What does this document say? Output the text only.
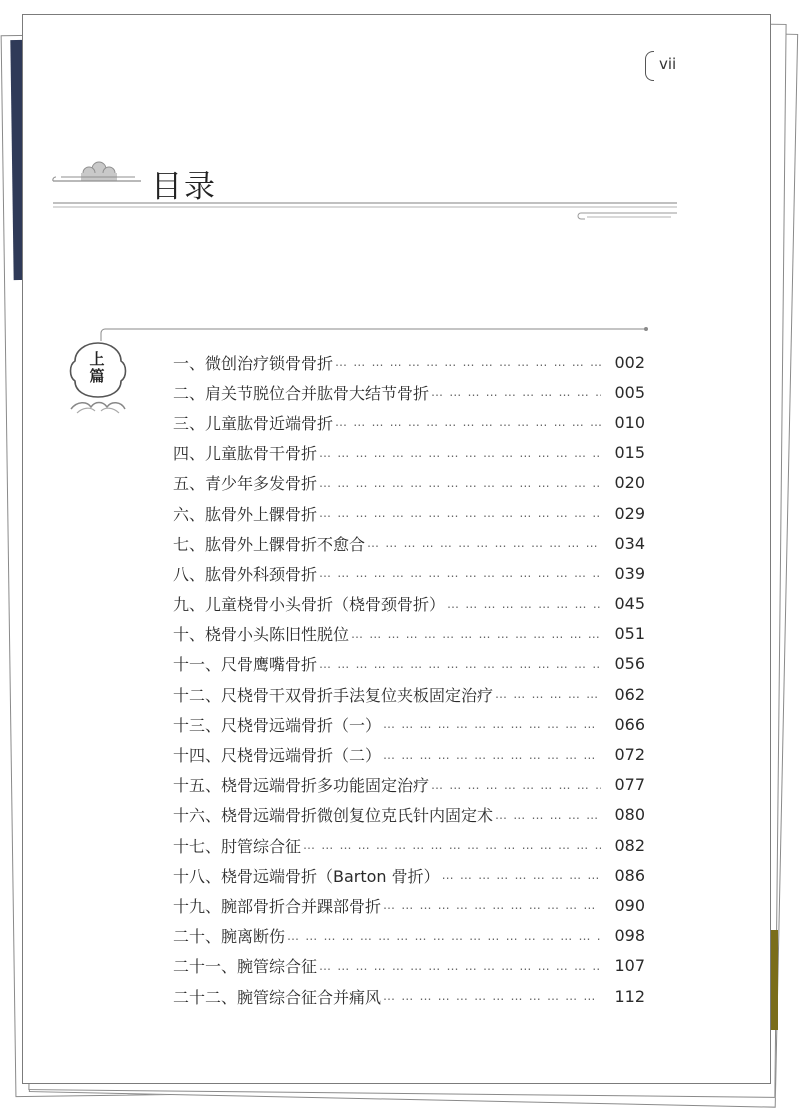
vii
目录
上
篇
一、微创治疗锁骨骨折 … … … … … … … … … … … … … … … … … … … … … … … … … … … … … … … … …	002
二、肩关节脱位合并肱骨大结节骨折 … … … … … … … … … … … … … … … … … … … … … … … … … … … … … … … … …	005
三、儿童肱骨近端骨折 … … … … … … … … … … … … … … … … … … … … … … … … … … … … … … … … …	010
四、儿童肱骨干骨折 … … … … … … … … … … … … … … … … … … … … … … … … … … … … … … … … …	015
五、青少年多发骨折 … … … … … … … … … … … … … … … … … … … … … … … … … … … … … … … … …	020
六、肱骨外上髁骨折 … … … … … … … … … … … … … … … … … … … … … … … … … … … … … … … … …	029
七、肱骨外上髁骨折不愈合 … … … … … … … … … … … … … … … … … … … … … … … … … … … … … … … … …	034
八、肱骨外科颈骨折 … … … … … … … … … … … … … … … … … … … … … … … … … … … … … … … … …	039
九、儿童桡骨小头骨折（桡骨颈骨折） … … … … … … … … … … … … … … … … … … … … … … … … … … … … … … … … …	045
十、桡骨小头陈旧性脱位 … … … … … … … … … … … … … … … … … … … … … … … … … … … … … … … … …	051
十一、尺骨鹰嘴骨折 … … … … … … … … … … … … … … … … … … … … … … … … … … … … … … … … …	056
十二、尺桡骨干双骨折手法复位夹板固定治疗 … … … … … … … … … … … … … … … … … … … … … … … … … … … … … … … … …	062
十三、尺桡骨远端骨折（一） … … … … … … … … … … … … … … … … … … … … … … … … … … … … … … … … …	066
十四、尺桡骨远端骨折（二） … … … … … … … … … … … … … … … … … … … … … … … … … … … … … … … … …	072
十五、桡骨远端骨折多功能固定治疗 … … … … … … … … … … … … … … … … … … … … … … … … … … … … … … … … …	077
十六、桡骨远端骨折微创复位克氏针内固定术 … … … … … … … … … … … … … … … … … … … … … … … … … … … … … … … … …	080
十七、肘管综合征 … … … … … … … … … … … … … … … … … … … … … … … … … … … … … … … … …	082
十八、桡骨远端骨折（Barton 骨折） … … … … … … … … … … … … … … … … … … … … … … … … … … … … … … … … …	086
十九、腕部骨折合并踝部骨折 … … … … … … … … … … … … … … … … … … … … … … … … … … … … … … … … …	090
二十、腕离断伤 … … … … … … … … … … … … … … … … … … … … … … … … … … … … … … … … …	098
二十一、腕管综合征 … … … … … … … … … … … … … … … … … … … … … … … … … … … … … … … … …	107
二十二、腕管综合征合并痛风 … … … … … … … … … … … … … … … … … … … … … … … … … … … … … … … … …	112
